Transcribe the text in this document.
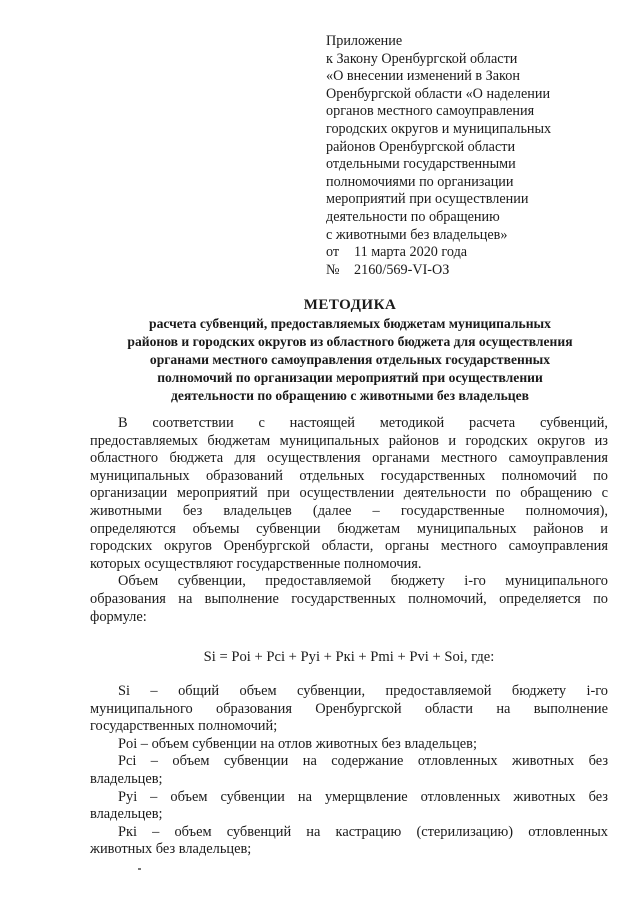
Приложение
к Закону Оренбургской области
«О внесении изменений в Закон
Оренбургской области «О наделении
органов местного самоуправления
городских округов и муниципальных
районов Оренбургской области
отдельными государственными
полномочиями по организации
мероприятий при осуществлении
деятельности по обращению
с животными без владельцев»
от	11 марта 2020 года
№	2160/569-VI-ОЗ
МЕТОДИКА
расчета субвенций, предоставляемых бюджетам муниципальных
районов и городских округов из областного бюджета для осуществления
органами местного самоуправления отдельных государственных
полномочий по организации мероприятий при осуществлении
деятельности по обращению с животными без владельцев
В соответствии с настоящей методикой расчета субвенций,
предоставляемых бюджетам муниципальных районов и городских округов из
областного бюджета для осуществления органами местного самоуправления
муниципальных образований отдельных государственных полномочий по
организации мероприятий при осуществлении деятельности по обращению с
животными без владельцев (далее – государственные полномочия),
определяются объемы субвенции бюджетам муниципальных районов и
городских округов Оренбургской области, органы местного самоуправления
которых осуществляют государственные полномочия.
Объем субвенции, предоставляемой бюджету i-го муниципального
образования на выполнение государственных полномочий, определяется по
формуле:
Si = Poi + Pci + Pyi + Pкi + Pmi + Pvi + Soi, где:
Si – общий объем субвенции, предоставляемой бюджету i-го
муниципального образования Оренбургской области на выполнение
государственных полномочий;
Poi – объем субвенции на отлов животных без владельцев;
Pci – объем субвенции на содержание отловленных животных без
владельцев;
Pyi – объем субвенции на умерщвление отловленных животных без
владельцев;
Pкi – объем субвенций на кастрацию (стерилизацию) отловленных
животных без владельцев;
